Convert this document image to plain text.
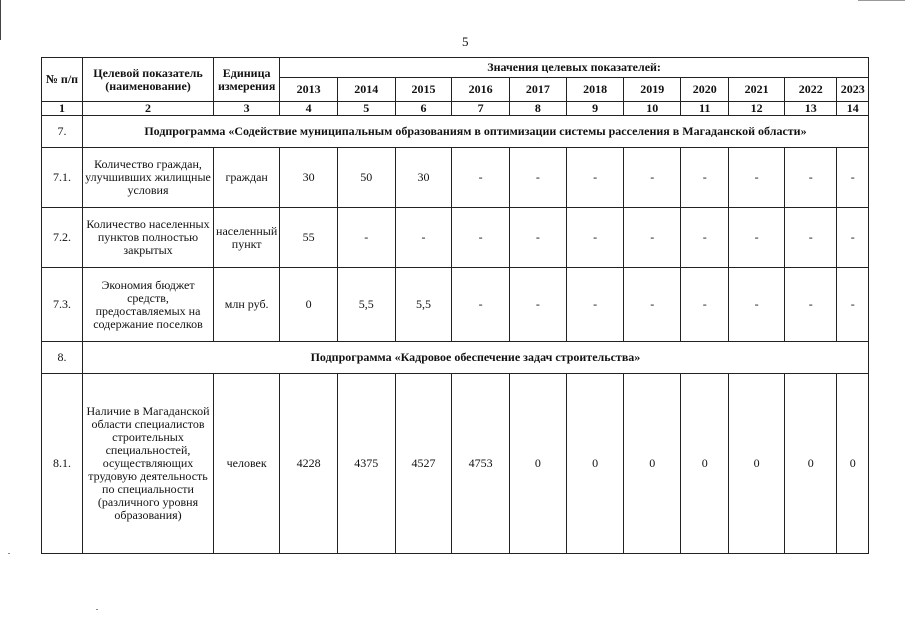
5
№ п/п	Целевой показатель (наименование)	Единица измерения	Значения целевых показателей:										
			2013	2014	2015	2016	2017	2018	2019	2020	2021	2022	2023
1	2	3	4	5	6	7	8	9	10	11	12	13	14
7.	Подпрограмма «Содействие муниципальным образованиям в оптимизации системы расселения в Магаданской области»												
7.1.	Количество граждан, улучшивших жилищные условия	граждан	30	50	30	-	-	-	-	-	-	-	-
7.2.	Количество населенных пунктов полностью закрытых	населенный пункт	55	-	-	-	-	-	-	-	-	-	-
7.3.	Экономия бюджет средств, предоставляемых на содержание поселков	млн руб.	0	5,5	5,5	-	-	-	-	-	-	-	-
8.	Подпрограмма «Кадровое обеспечение задач строительства»												
8.1.	Наличие в Магаданской области специалистов строительных специальностей, осуществляющих трудовую деятельность по специальности (различного уровня образования)	человек	4228	4375	4527	4753	0	0	0	0	0	0	0
